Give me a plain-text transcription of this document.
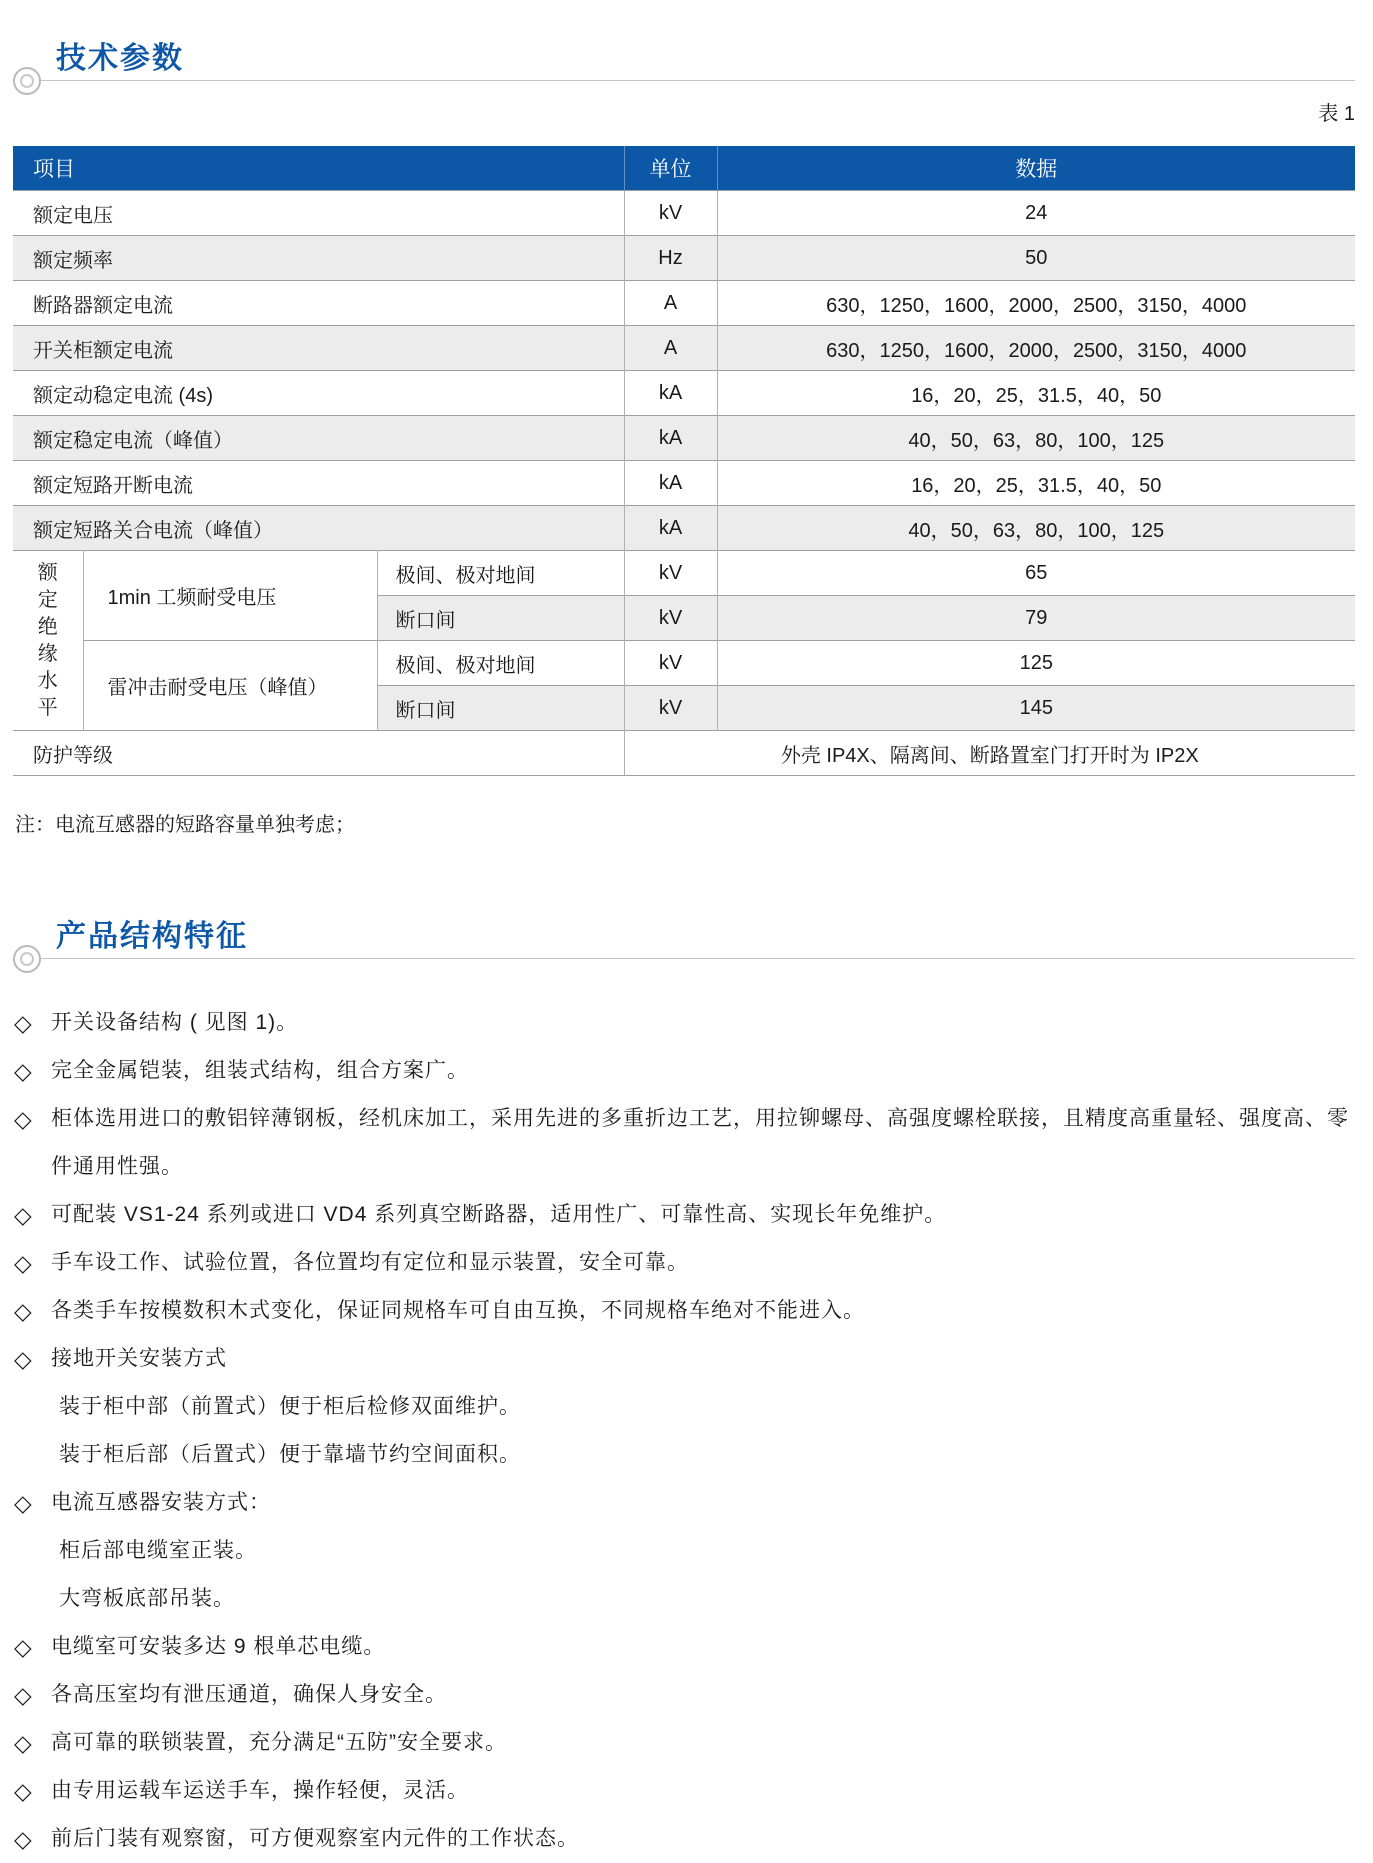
技术参数
表 1
项目			单位	数据
额定电压			kV	24
额定频率			Hz	50
断路器额定电流			A	630，1250，1600，2000，2500，3150，4000
开关柜额定电流			A	630，1250，1600，2000，2500，3150，4000
额定动稳定电流 (4s)			kA	16，20，25，31.5，40，50
额定稳定电流（峰值）			kA	40，50，63，80，100，125
额定短路开断电流			kA	16，20，25，31.5，40，50
额定短路关合电流（峰值）			kA	40，50，63，80，100，125

额定绝缘水平	1min 工频耐受电压	极间、极对地间	kV	65
		断口间	kV	79
	雷冲击耐受电压（峰值）	极间、极对地间	kV	125
		断口间	kV	145
防护等级			外壳 IP4X、隔离间、断路置室门打开时为 IP2X	

注：电流互感器的短路容量单独考虑；

产品结构特征
◇ 开关设备结构 ( 见图 1)。
◇ 完全金属铠装，组装式结构，组合方案广。
◇ 柜体选用进口的敷铝锌薄钢板，经机床加工，采用先进的多重折边工艺，用拉铆螺母、高强度螺栓联接，且精度高重量轻、强度高、零件通用性强。
◇ 可配装 VS1-24 系列或进口 VD4 系列真空断路器，适用性广、可靠性高、实现长年免维护。
◇ 手车设工作、试验位置，各位置均有定位和显示装置，安全可靠。
◇ 各类手车按模数积木式变化，保证同规格车可自由互换，不同规格车绝对不能进入。
◇ 接地开关安装方式
装于柜中部（前置式）便于柜后检修双面维护。
装于柜后部（后置式）便于靠墙节约空间面积。
◇ 电流互感器安装方式：
柜后部电缆室正装。
大弯板底部吊装。
◇ 电缆室可安装多达 9 根单芯电缆。
◇ 各高压室均有泄压通道，确保人身安全。
◇ 高可靠的联锁装置，充分满足“五防”安全要求。
◇ 由专用运载车运送手车，操作轻便，灵活。
◇ 前后门装有观察窗，可方便观察室内元件的工作状态。
